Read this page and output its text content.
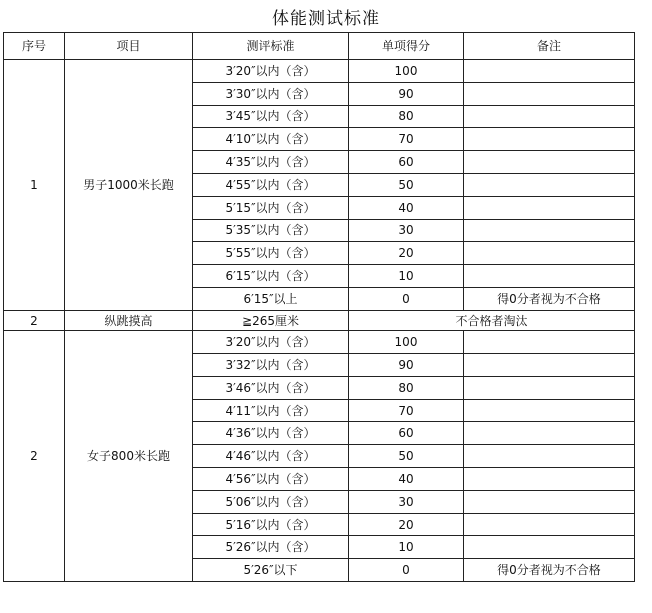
体能测试标准
序号	项目	测评标准	单项得分	备注
1	男子1000米长跑	3′20″以内（含）	100	
		3′30″以内（含）	90	
		3′45″以内（含）	80	
		4′10″以内（含）	70	
		4′35″以内（含）	60	
		4′55″以内（含）	50	
		5′15″以内（含）	40	
		5′35″以内（含）	30	
		5′55″以内（含）	20	
		6′15″以内（含）	10	
		6′15″以上	0	得0分者视为不合格
2	纵跳摸高	≧265厘米	不合格者淘汰	
2	女子800米长跑	3′20″以内（含）	100	
		3′32″以内（含）	90	
		3′46″以内（含）	80	
		4′11″以内（含）	70	
		4′36″以内（含）	60	
		4′46″以内（含）	50	
		4′56″以内（含）	40	
		5′06″以内（含）	30	
		5′16″以内（含）	20	
		5′26″以内（含）	10	
		5′26″以下	0	得0分者视为不合格
